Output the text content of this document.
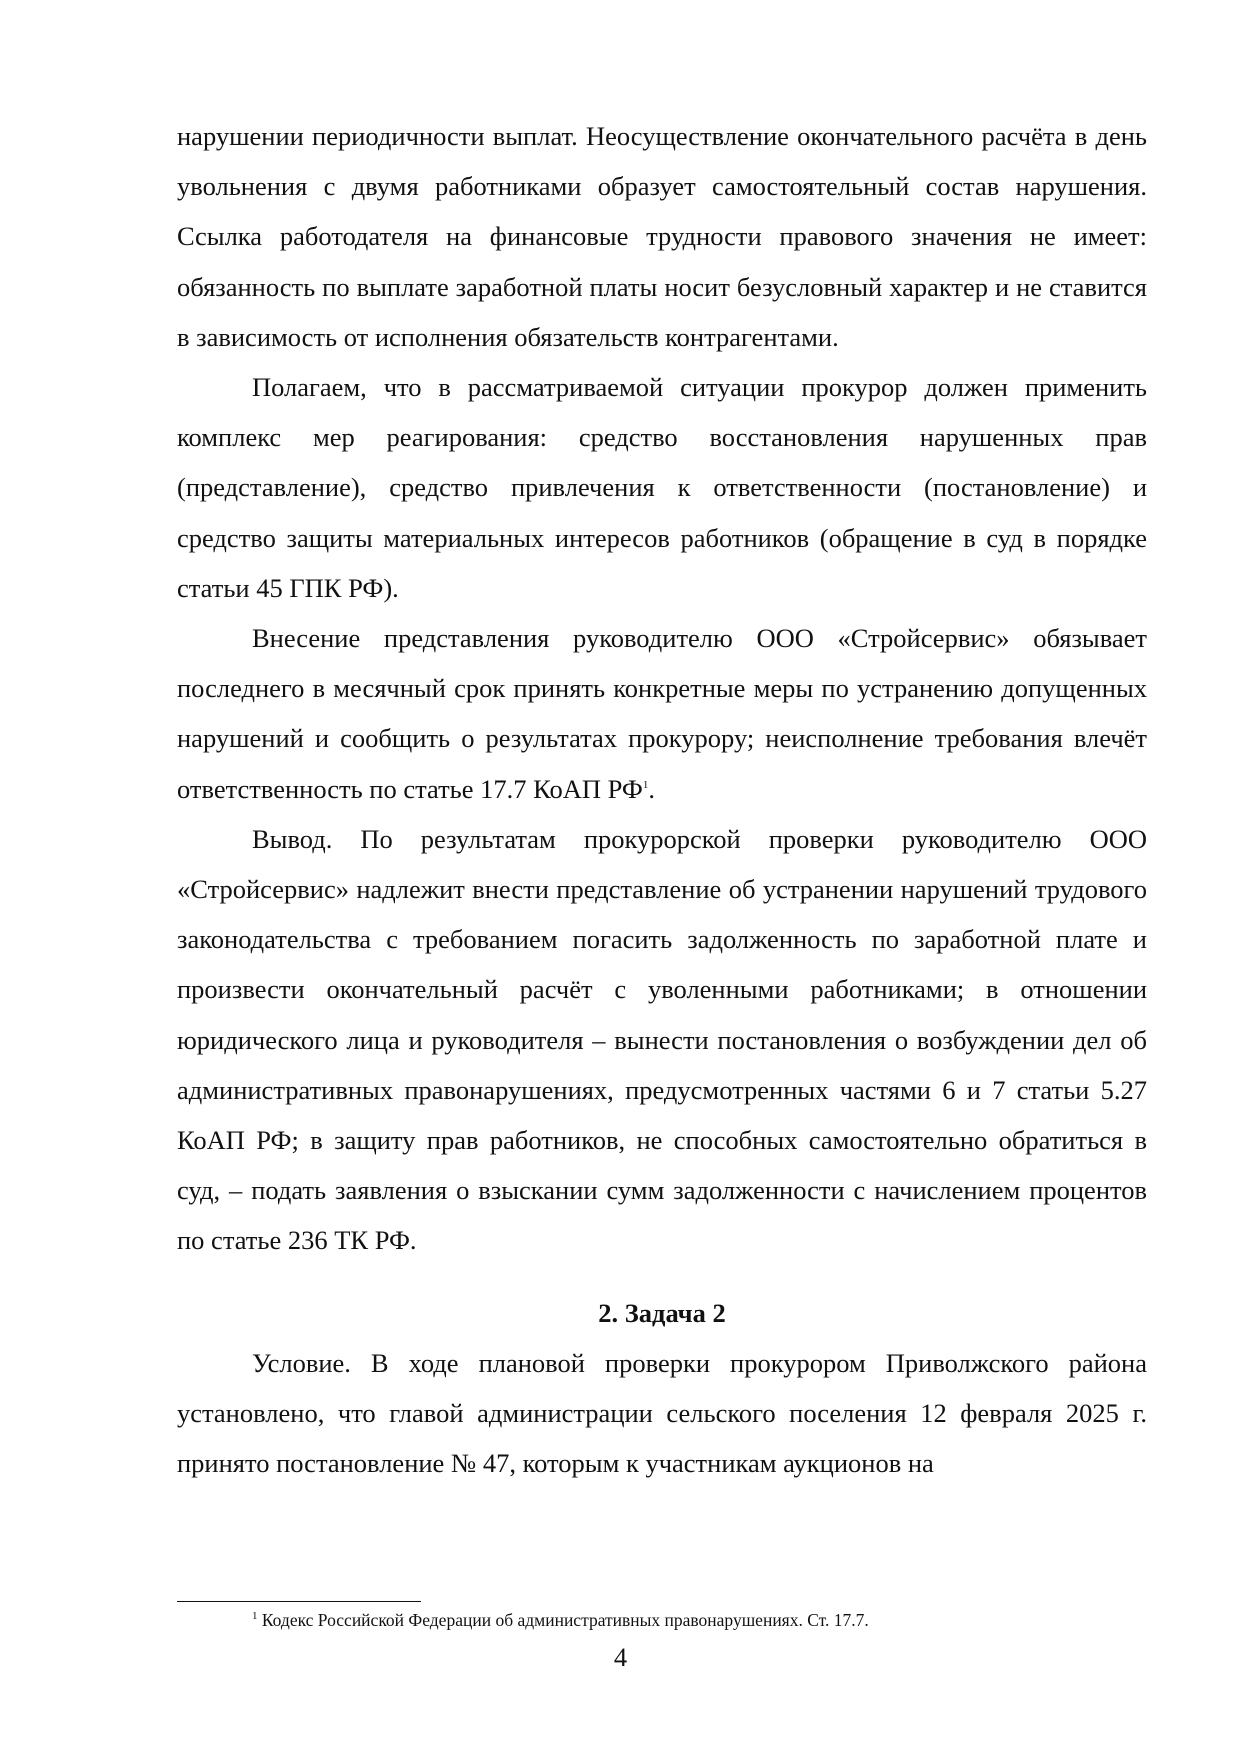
нарушении периодичности выплат. Неосуществление окончательного расчёта в день увольнения с двумя работниками образует самостоятельный состав нарушения. Ссылка работодателя на финансовые трудности правового значения не имеет: обязанность по выплате заработной платы носит безусловный характер и не ставится в зависимость от исполнения обязательств контрагентами.

Полагаем, что в рассматриваемой ситуации прокурор должен применить комплекс мер реагирования: средство восстановления нарушенных прав (представление), средство привлечения к ответственности (постановление) и средство защиты материальных интересов работников (обращение в суд в порядке статьи 45 ГПК РФ).

Внесение представления руководителю ООО «Стройсервис» обязывает последнего в месячный срок принять конкретные меры по устранению допущенных нарушений и сообщить о результатах прокурору; неисполнение требования влечёт ответственность по статье 17.7 КоАП РФ$^1$.

Вывод. По результатам прокурорской проверки руководителю ООО «Стройсервис» надлежит внести представление об устранении нарушений трудового законодательства с требованием погасить задолженность по заработной плате и произвести окончательный расчёт с уволенными работниками; в отношении юридического лица и руководителя – вынести постановления о возбуждении дел об административных правонарушениях, предусмотренных частями 6 и 7 статьи 5.27 КоАП РФ; в защиту прав работников, не способных самостоятельно обратиться в суд, – подать заявления о взыскании сумм задолженности с начислением процентов по статье 236 ТК РФ.

2. Задача 2

Условие. В ходе плановой проверки прокурором Приволжского района установлено, что главой администрации сельского поселения 12 февраля 2025 г. принято постановление № 47, которым к участникам аукционов на

$^1$ Кодекс Российской Федерации об административных правонарушениях. Ст. 17.7.
4
